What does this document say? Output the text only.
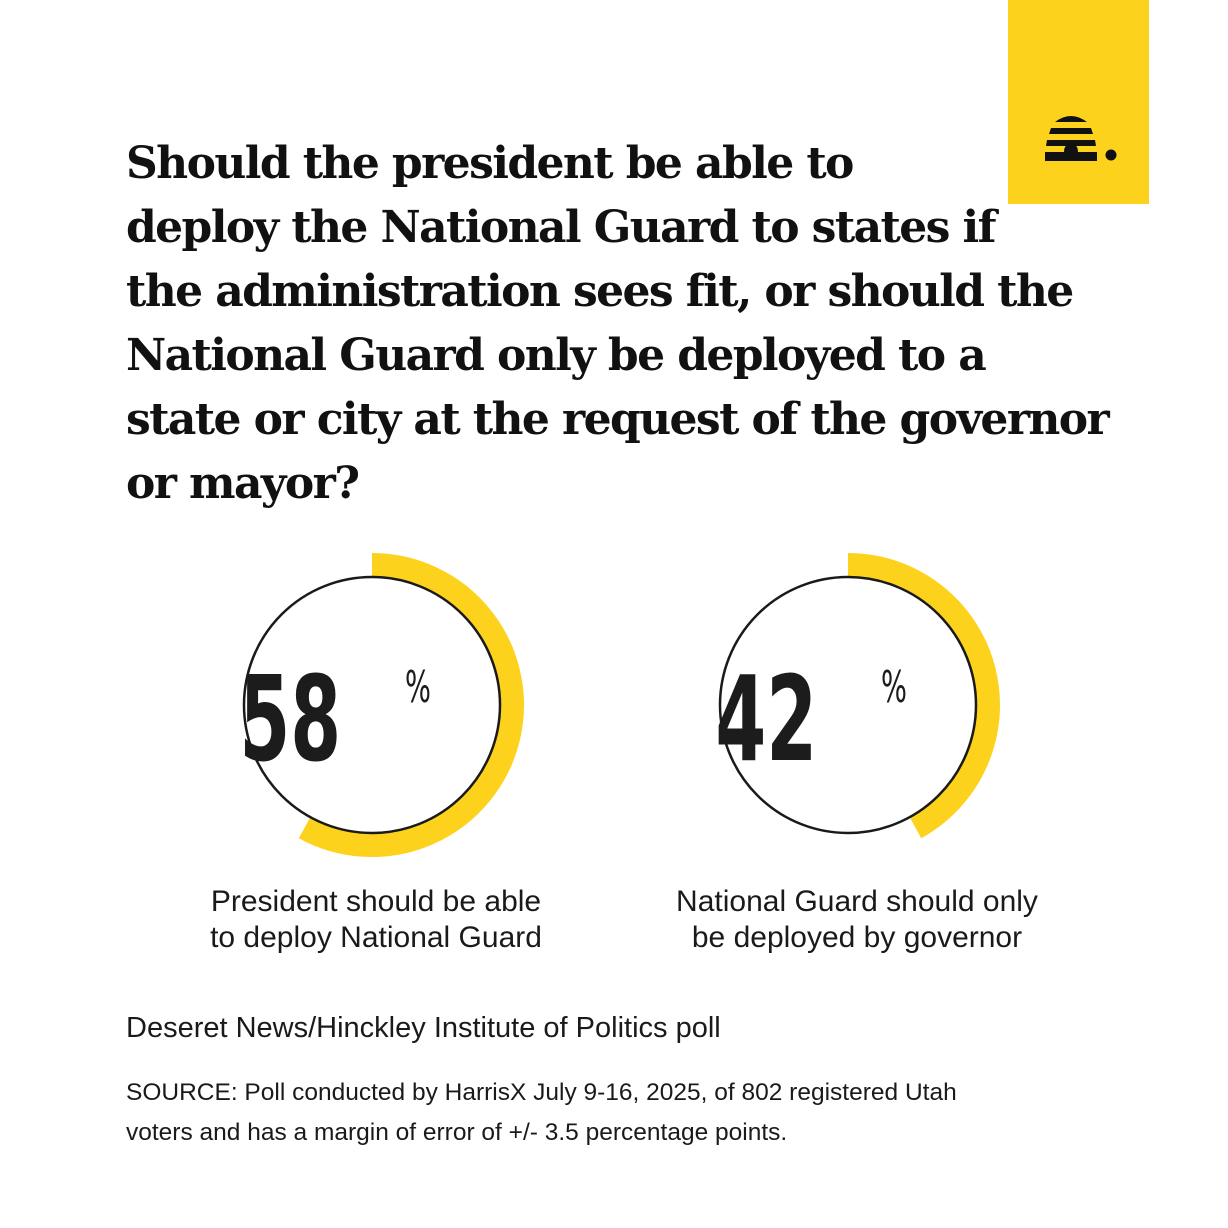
Should the president be able to
deploy the National Guard to states if
the administration sees fit, or should the
National Guard only be deployed to a
state or city at the request of the governor
or mayor?
58 % 42 %

President should be able
to deploy National Guard

National Guard should only
be deployed by governor

Deseret News/Hinckley Institute of Politics poll

SOURCE: Poll conducted by HarrisX July 9-16, 2025, of 802 registered Utah
voters and has a margin of error of +/- 3.5 percentage points.
